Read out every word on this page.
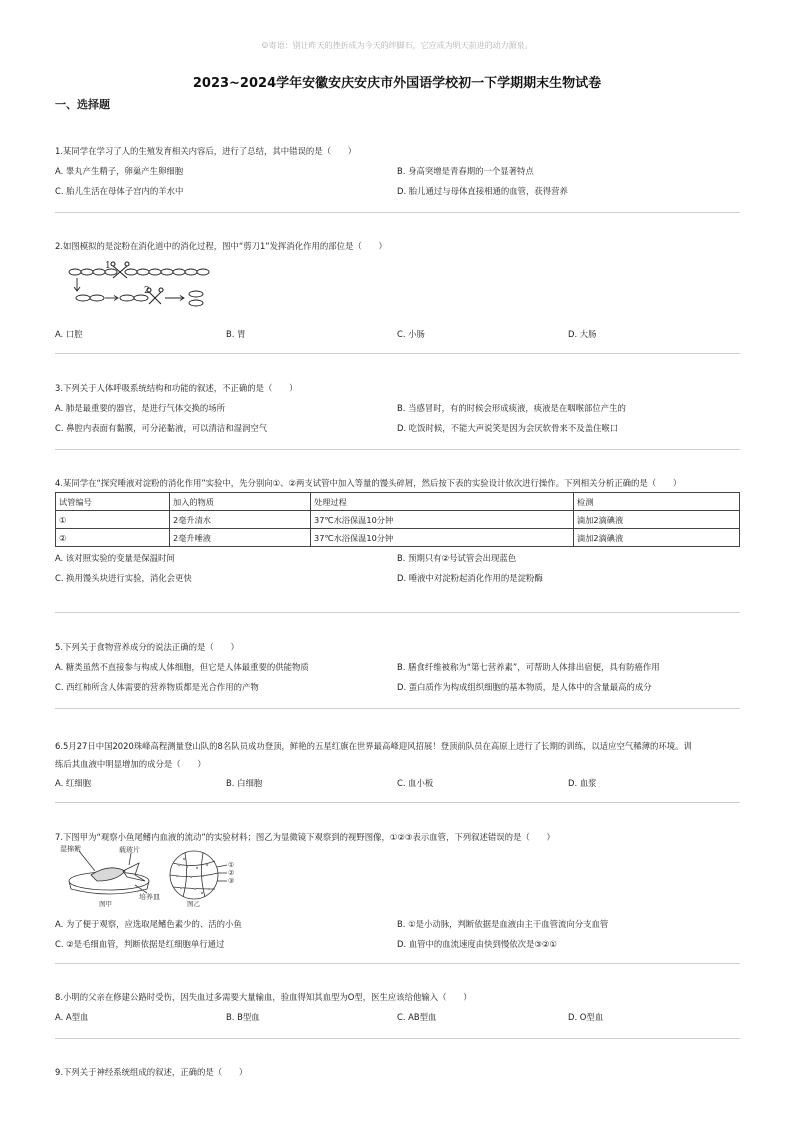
☺寄语：别让昨天的挫折成为今天的绊脚石，它应成为明天前进的动力源泉。
2023~2024学年安徽安庆安庆市外国语学校初一下学期期末生物试卷
一、选择题

1.某同学在学习了人的生殖发育相关内容后，进行了总结，其中错误的是（　　）

A. 睾丸产生精子，卵巢产生卵细胞	B. 身高突增是青春期的一个显著特点
C. 胎儿生活在母体子宫内的羊水中	D. 胎儿通过与母体直接相通的血管，获得营养

2.如图模拟的是淀粉在消化道中的消化过程，图中“剪刀1”发挥消化作用的部位是（　　）

1
2
A. 口腔	B. 胃	C. 小肠	D. 大肠

3.下列关于人体呼吸系统结构和功能的叙述，不正确的是（　　）

A. 肺是最重要的器官，是进行气体交换的场所	B. 当感冒时，有的时候会形成痰液，痰液是在咽喉部位产生的
C. 鼻腔内表面有黏膜，可分泌黏液，可以清洁和湿润空气	D. 吃饭时候，不能大声说笑是因为会厌软骨来不及盖住喉口

4.某同学在“探究唾液对淀粉的消化作用”实验中，先分别向①、②两支试管中加入等量的馒头碎屑，然后按下表的实验设计依次进行操作。下列相关分析正确的是（　　）

试管编号	加入的物质	处理过程	检测
①	2毫升清水	37℃水浴保温10分钟	滴加2滴碘液
②	2毫升唾液	37℃水浴保温10分钟	滴加2滴碘液
A. 该对照实验的变量是保温时间	B. 预期只有②号试管会出现蓝色
C. 换用馒头块进行实验，消化会更快	D. 唾液中对淀粉起消化作用的是淀粉酶

5.下列关于食物营养成分的说法正确的是（　　）

A. 糖类虽然不直接参与构成人体细胞，但它是人体最重要的供能物质	B. 膳食纤维被称为“第七营养素”，可帮助人体排出宿便，具有防癌作用
C. 西红柿所含人体需要的营养物质都是光合作用的产物	D. 蛋白质作为构成组织细胞的基本物质，是人体中的含量最高的成分

6.5月27日中国2020珠峰高程测量登山队的8名队员成功登顶，鲜艳的五星红旗在世界最高峰迎风招展！登顶前队员在高原上进行了长期的训练，以适应空气稀薄的环境。训
练后其血液中明显增加的成分是（　　）

A. 红细胞	B. 白细胞	C. 血小板	D. 血浆

7.下图甲为“观察小鱼尾鳍内血液的流动”的实验材料；图乙为显微镜下观察到的视野图像，①②③表示血管，下列叙述错误的是（　　）

湿棉絮	载玻片
培养皿
图甲	图乙
①
②
③
A. 为了便于观察，应选取尾鳍色素少的、活的小鱼	B. ①是小动脉，判断依据是血液由主干血管流向分支血管
C. ②是毛细血管，判断依据是红细胞单行通过	D. 血管中的血流速度由快到慢依次是③②①

8.小明的父亲在修建公路时受伤，因失血过多需要大量输血，验血得知其血型为O型，医生应该给他输入（　　）

A. A型血	B. B型血	C. AB型血	D. O型血

9.下列关于神经系统组成的叙述，正确的是（　　）
